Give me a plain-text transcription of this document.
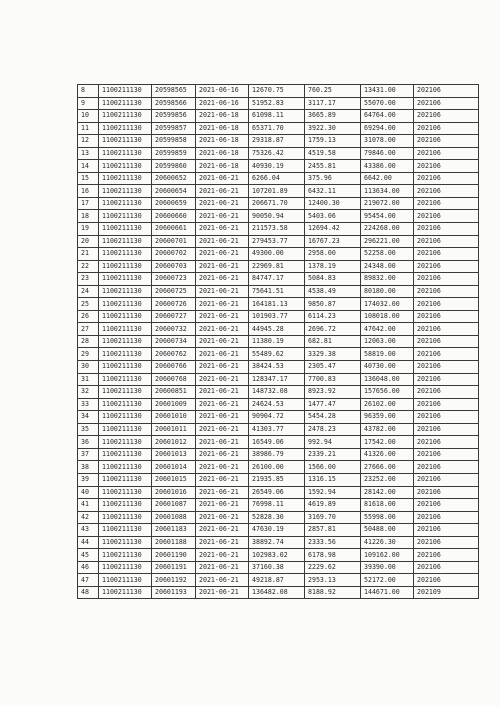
8	1100211130	20598565	2021-06-16	12670.75	760.25	13431.00	202106
9	1100211130	20598566	2021-06-16	51952.83	3117.17	55070.00	202106
10	1100211130	20599856	2021-06-18	61098.11	3665.89	64764.00	202106
11	1100211130	20599857	2021-06-18	65371.70	3922.30	69294.00	202106
12	1100211130	20599858	2021-06-18	29318.87	1759.13	31078.00	202106
13	1100211130	20599859	2021-06-18	75326.42	4519.58	79846.00	202106
14	1100211130	20599860	2021-06-18	40930.19	2455.81	43386.00	202106
15	1100211130	20600652	2021-06-21	6266.04	375.96	6642.00	202106
16	1100211130	20600654	2021-06-21	107201.89	6432.11	113634.00	202106
17	1100211130	20600659	2021-06-21	206671.70	12400.30	219072.00	202106
18	1100211130	20600660	2021-06-21	90050.94	5403.06	95454.00	202106
19	1100211130	20600661	2021-06-21	211573.58	12694.42	224268.00	202106
20	1100211130	20600701	2021-06-21	279453.77	16767.23	296221.00	202106
21	1100211130	20600702	2021-06-21	49300.00	2958.00	52258.00	202106
22	1100211130	20600703	2021-06-21	22969.81	1378.19	24348.00	202106
23	1100211130	20600723	2021-06-21	84747.17	5084.83	89832.00	202106
24	1100211130	20600725	2021-06-21	75641.51	4538.49	80180.00	202106
25	1100211130	20600726	2021-06-21	164181.13	9850.87	174032.00	202106
26	1100211130	20600727	2021-06-21	101903.77	6114.23	108018.00	202106
27	1100211130	20600732	2021-06-21	44945.28	2696.72	47642.00	202106
28	1100211130	20600734	2021-06-21	11380.19	682.81	12063.00	202106
29	1100211130	20600762	2021-06-21	55489.62	3329.38	58819.00	202106
30	1100211130	20600766	2021-06-21	38424.53	2305.47	40730.00	202106
31	1100211130	20600768	2021-06-21	128347.17	7700.83	136048.00	202106
32	1100211130	20600851	2021-06-21	148732.08	8923.92	157656.00	202106
33	1100211130	20601009	2021-06-21	24624.53	1477.47	26102.00	202106
34	1100211130	20601010	2021-06-21	90904.72	5454.28	96359.00	202106
35	1100211130	20601011	2021-06-21	41303.77	2478.23	43782.00	202106
36	1100211130	20601012	2021-06-21	16549.06	992.94	17542.00	202106
37	1100211130	20601013	2021-06-21	38986.79	2339.21	41326.00	202106
38	1100211130	20601014	2021-06-21	26100.00	1566.00	27666.00	202106
39	1100211130	20601015	2021-06-21	21935.85	1316.15	23252.00	202106
40	1100211130	20601016	2021-06-21	26549.06	1592.94	28142.00	202106
41	1100211130	20601087	2021-06-21	76998.11	4619.89	81618.00	202106
42	1100211130	20601088	2021-06-21	52828.30	3169.70	55998.00	202106
43	1100211130	20601183	2021-06-21	47630.19	2857.81	50488.00	202106
44	1100211130	20601188	2021-06-21	38892.74	2333.56	41226.30	202106
45	1100211130	20601190	2021-06-21	102983.02	6178.98	109162.00	202106
46	1100211130	20601191	2021-06-21	37160.38	2229.62	39390.00	202106
47	1100211130	20601192	2021-06-21	49218.87	2953.13	52172.00	202106
48	1100211130	20601193	2021-06-21	136482.08	8188.92	144671.00	202109
